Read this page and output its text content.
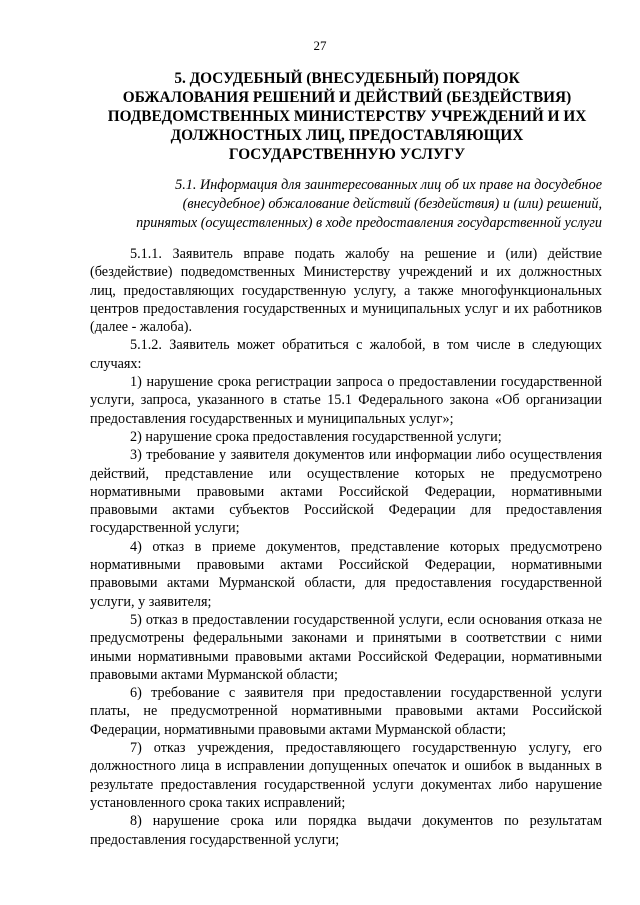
27
5. ДОСУДЕБНЫЙ (ВНЕСУДЕБНЫЙ) ПОРЯДОК
ОБЖАЛОВАНИЯ РЕШЕНИЙ И ДЕЙСТВИЙ (БЕЗДЕЙСТВИЯ)
ПОДВЕДОМСТВЕННЫХ МИНИСТЕРСТВУ УЧРЕЖДЕНИЙ И ИХ
ДОЛЖНОСТНЫХ ЛИЦ, ПРЕДОСТАВЛЯЮЩИХ
ГОСУДАРСТВЕННУЮ УСЛУГУ
5.1. Информация для заинтересованных лиц об их праве на досудебное
(внесудебное) обжалование действий (бездействия) и (или) решений,
принятых (осуществленных) в ходе предоставления государственной услуги

5.1.1. Заявитель вправе подать жалобу на решение и (или) действие (бездействие) подведомственных Министерству учреждений и их должностных лиц, предоставляющих государственную услугу, а также многофункциональных центров предоставления государственных и муниципальных услуг и их работников (далее - жалоба).

5.1.2. Заявитель может обратиться с жалобой, в том числе в следующих случаях:

1) нарушение срока регистрации запроса о предоставлении государственной услуги, запроса, указанного в статье 15.1 Федерального закона «Об организации предоставления государственных и муниципальных услуг»;

2) нарушение срока предоставления государственной услуги;

3) требование у заявителя документов или информации либо осуществления действий, представление или осуществление которых не предусмотрено нормативными правовыми актами Российской Федерации, нормативными правовыми актами субъектов Российской Федерации для предоставления государственной услуги;

4) отказ в приеме документов, представление которых предусмотрено нормативными правовыми актами Российской Федерации, нормативными правовыми актами Мурманской области, для предоставления государственной услуги, у заявителя;

5) отказ в предоставлении государственной услуги, если основания отказа не предусмотрены федеральными законами и принятыми в соответствии с ними иными нормативными правовыми актами Российской Федерации, нормативными правовыми актами Мурманской области;

6) требование с заявителя при предоставлении государственной услуги платы, не предусмотренной нормативными правовыми актами Российской Федерации, нормативными правовыми актами Мурманской области;

7) отказ учреждения, предоставляющего государственную услугу, его должностного лица в исправлении допущенных опечаток и ошибок в выданных в результате предоставления государственной услуги документах либо нарушение установленного срока таких исправлений;

8) нарушение срока или порядка выдачи документов по результатам предоставления государственной услуги;
